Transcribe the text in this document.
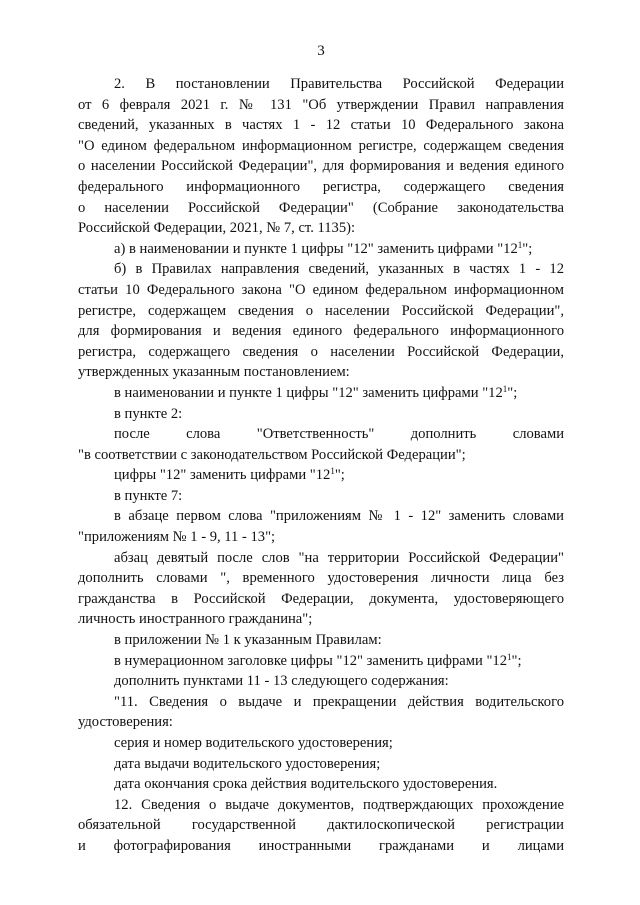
3
2. В постановлении Правительства Российской Федерации
от 6 февраля 2021 г. № 131 "Об утверждении Правил направления
сведений, указанных в частях 1 - 12 статьи 10 Федерального закона
"О едином федеральном информационном регистре, содержащем сведения
о населении Российской Федерации", для формирования и ведения единого
федерального информационного регистра, содержащего сведения
о населении Российской Федерации" (Собрание законодательства
Российской Федерации, 2021, № 7, ст. 1135):
а) в наименовании и пункте 1 цифры "12" заменить цифрами "$12^1$";
б) в Правилах направления сведений, указанных в частях 1 - 12
статьи 10 Федерального закона "О едином федеральном информационном
регистре, содержащем сведения о населении Российской Федерации",
для формирования и ведения единого федерального информационного
регистра, содержащего сведения о населении Российской Федерации,
утвержденных указанным постановлением:
в наименовании и пункте 1 цифры "12" заменить цифрами "$12^1$";
в пункте 2:
после слова "Ответственность" дополнить словами
"в соответствии с законодательством Российской Федерации";
цифры "12" заменить цифрами "$12^1$";
в пункте 7:
в абзаце первом слова "приложениям № 1 - 12" заменить словами
"приложениям № 1 - 9, 11 - 13";
абзац девятый после слов "на территории Российской Федерации"
дополнить словами ", временного удостоверения личности лица без
гражданства в Российской Федерации, документа, удостоверяющего
личность иностранного гражданина";
в приложении № 1 к указанным Правилам:
в нумерационном заголовке цифры "12" заменить цифрами "$12^1$";
дополнить пунктами 11 - 13 следующего содержания:
"11. Сведения о выдаче и прекращении действия водительского
удостоверения:
серия и номер водительского удостоверения;
дата выдачи водительского удостоверения;
дата окончания срока действия водительского удостоверения.
12. Сведения о выдаче документов, подтверждающих прохождение
обязательной государственной дактилоскопической регистрации
и фотографирования иностранными гражданами и лицами
